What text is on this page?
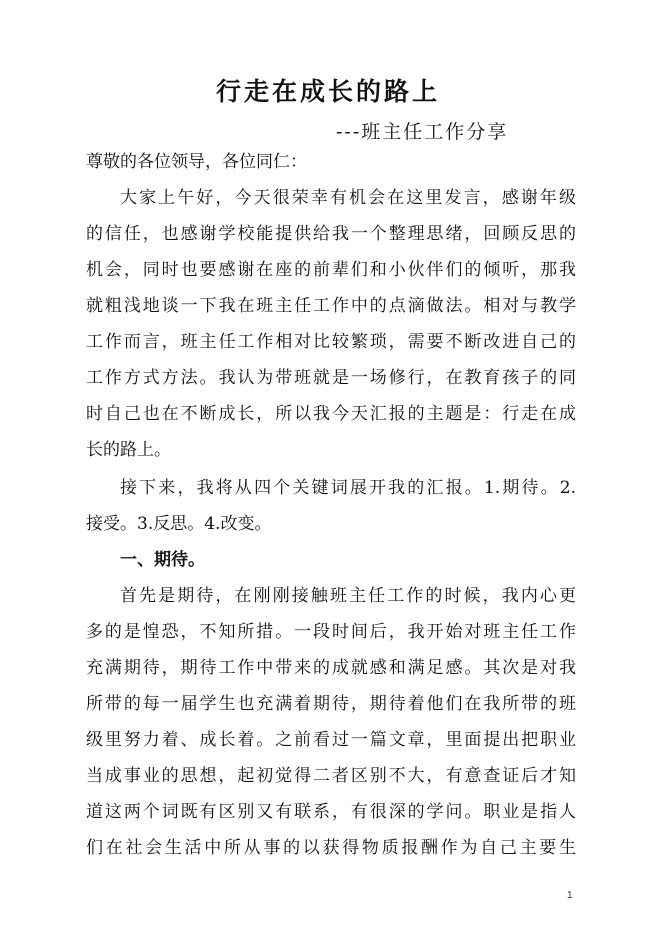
行走在成长的路上

---班主任工作分享

尊敬的各位领导，各位同仁：

大家上午好，今天很荣幸有机会在这里发言，感谢年级

的信任，也感谢学校能提供给我一个整理思绪，回顾反思的

机会，同时也要感谢在座的前辈们和小伙伴们的倾听，那我

就粗浅地谈一下我在班主任工作中的点滴做法。相对与教学

工作而言，班主任工作相对比较繁琐，需要不断改进自己的

工作方式方法。我认为带班就是一场修行，在教育孩子的同

时自己也在不断成长，所以我今天汇报的主题是：行走在成

长的路上。

接下来，我将从四个关键词展开我的汇报。1.期待。2.

接受。3.反思。4.改变。

一、期待。

首先是期待，在刚刚接触班主任工作的时候，我内心更

多的是惶恐，不知所措。一段时间后，我开始对班主任工作

充满期待，期待工作中带来的成就感和满足感。其次是对我

所带的每一届学生也充满着期待，期待着他们在我所带的班

级里努力着、成长着。之前看过一篇文章，里面提出把职业

当成事业的思想，起初觉得二者区别不大，有意查证后才知

道这两个词既有区别又有联系，有很深的学问。职业是指人

们在社会生活中所从事的以获得物质报酬作为自己主要生

1
